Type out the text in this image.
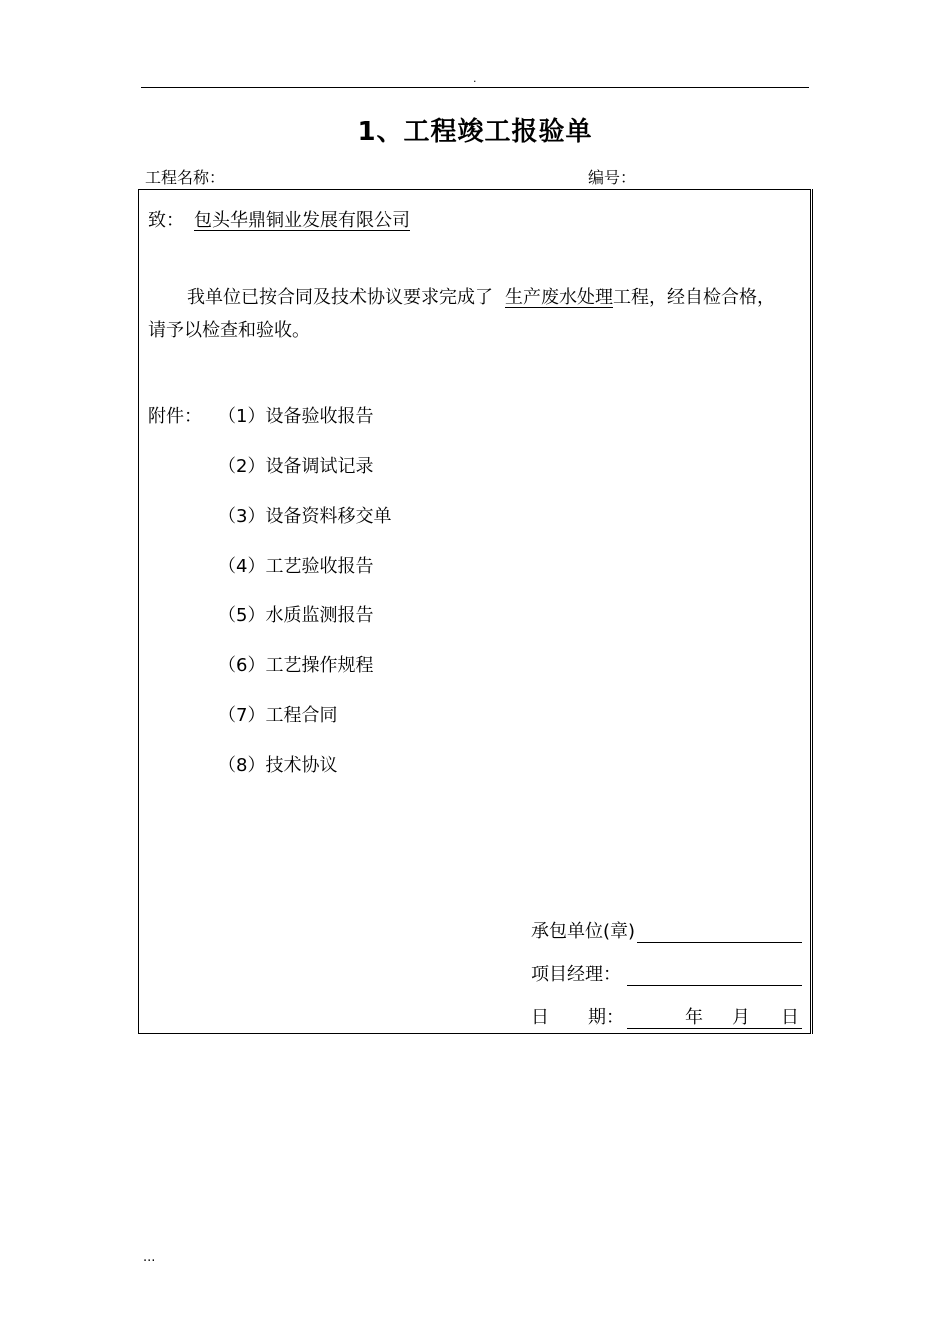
.
1、工程竣工报验单
工程名称：	编号：
致： 包头华鼎铜业发展有限公司
我单位已按合同及技术协议要求完成了 生产废水处理工程，经自检合格，
请予以检查和验收。
附件： （1）设备验收报告
（2）设备调试记录
（3）设备资料移交单
（4）工艺验收报告
（5）水质监测报告
（6）工艺操作规程
（7）工程合同
（8）技术协议
承包单位(章)
项目经理：
日 期：	年 月 日
...
